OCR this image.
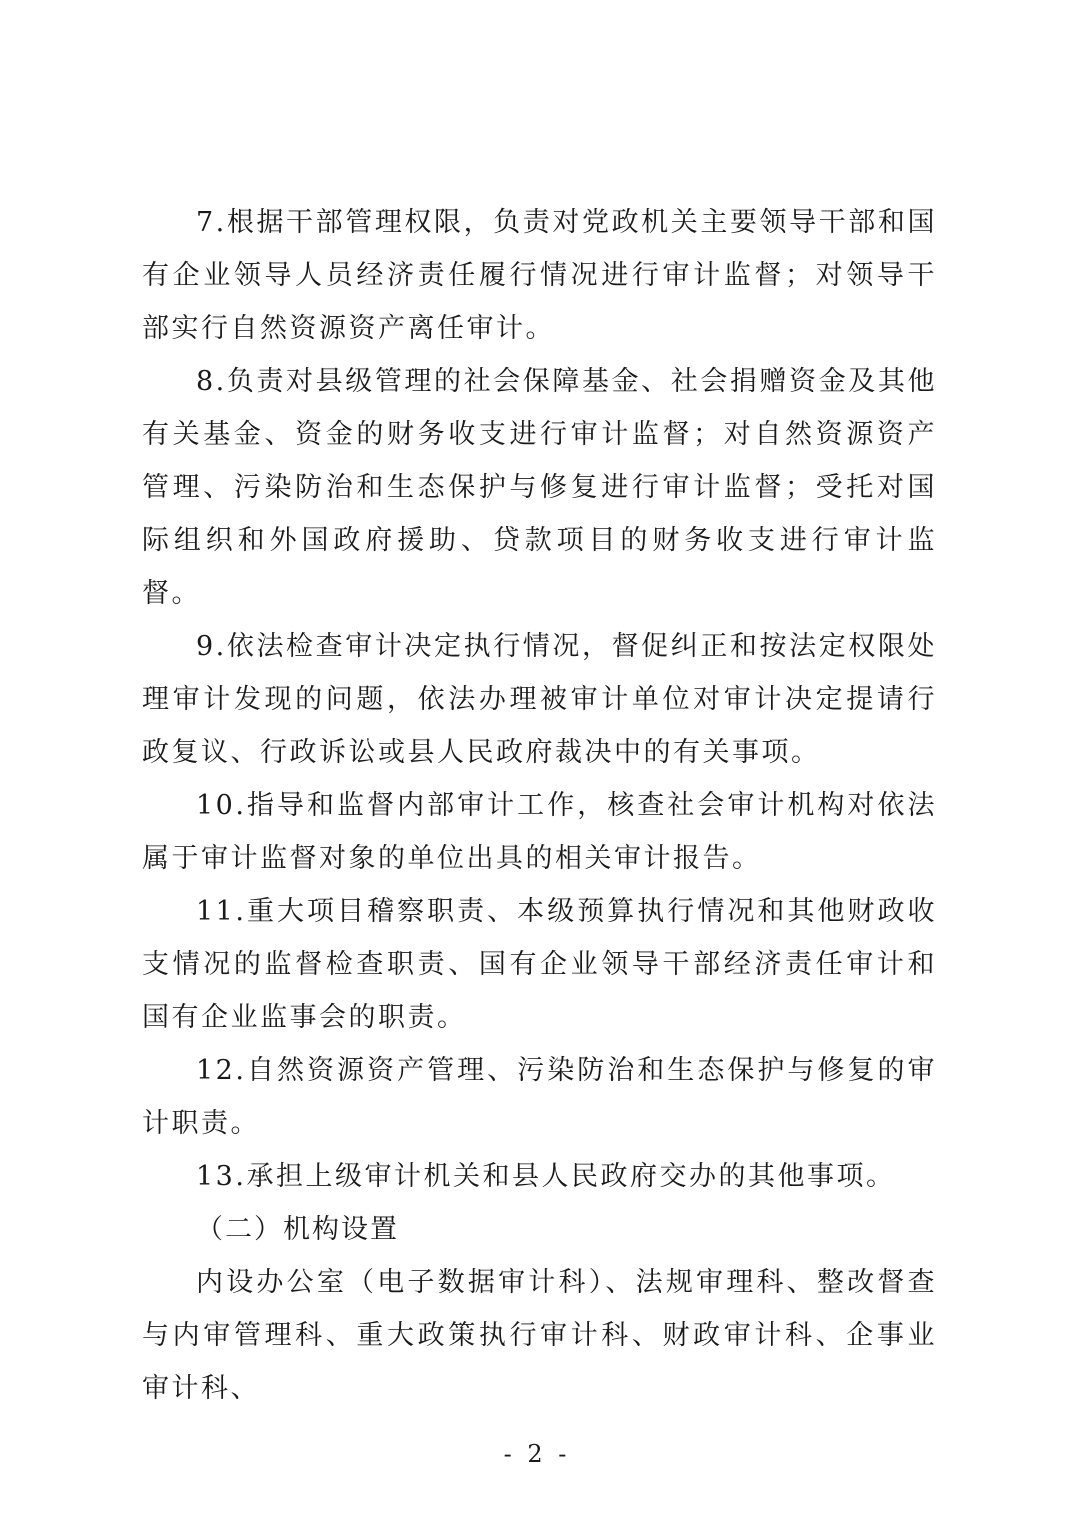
7.根据干部管理权限，负责对党政机关主要领导干部和国有企业领导人员经济责任履行情况进行审计监督；对领导干部实行自然资源资产离任审计。

8.负责对县级管理的社会保障基金、社会捐赠资金及其他有关基金、资金的财务收支进行审计监督；对自然资源资产管理、污染防治和生态保护与修复进行审计监督；受托对国际组织和外国政府援助、贷款项目的财务收支进行审计监督。

9.依法检查审计决定执行情况，督促纠正和按法定权限处理审计发现的问题，依法办理被审计单位对审计决定提请行政复议、行政诉讼或县人民政府裁决中的有关事项。

10.指导和监督内部审计工作，核查社会审计机构对依法属于审计监督对象的单位出具的相关审计报告。

11.重大项目稽察职责、本级预算执行情况和其他财政收支情况的监督检查职责、国有企业领导干部经济责任审计和国有企业监事会的职责。

12.自然资源资产管理、污染防治和生态保护与修复的审计职责。

13.承担上级审计机关和县人民政府交办的其他事项。

（二）机构设置

内设办公室（电子数据审计科）、法规审理科、整改督查与内审管理科、重大政策执行审计科、财政审计科、企事业审计科、

- 2 -
